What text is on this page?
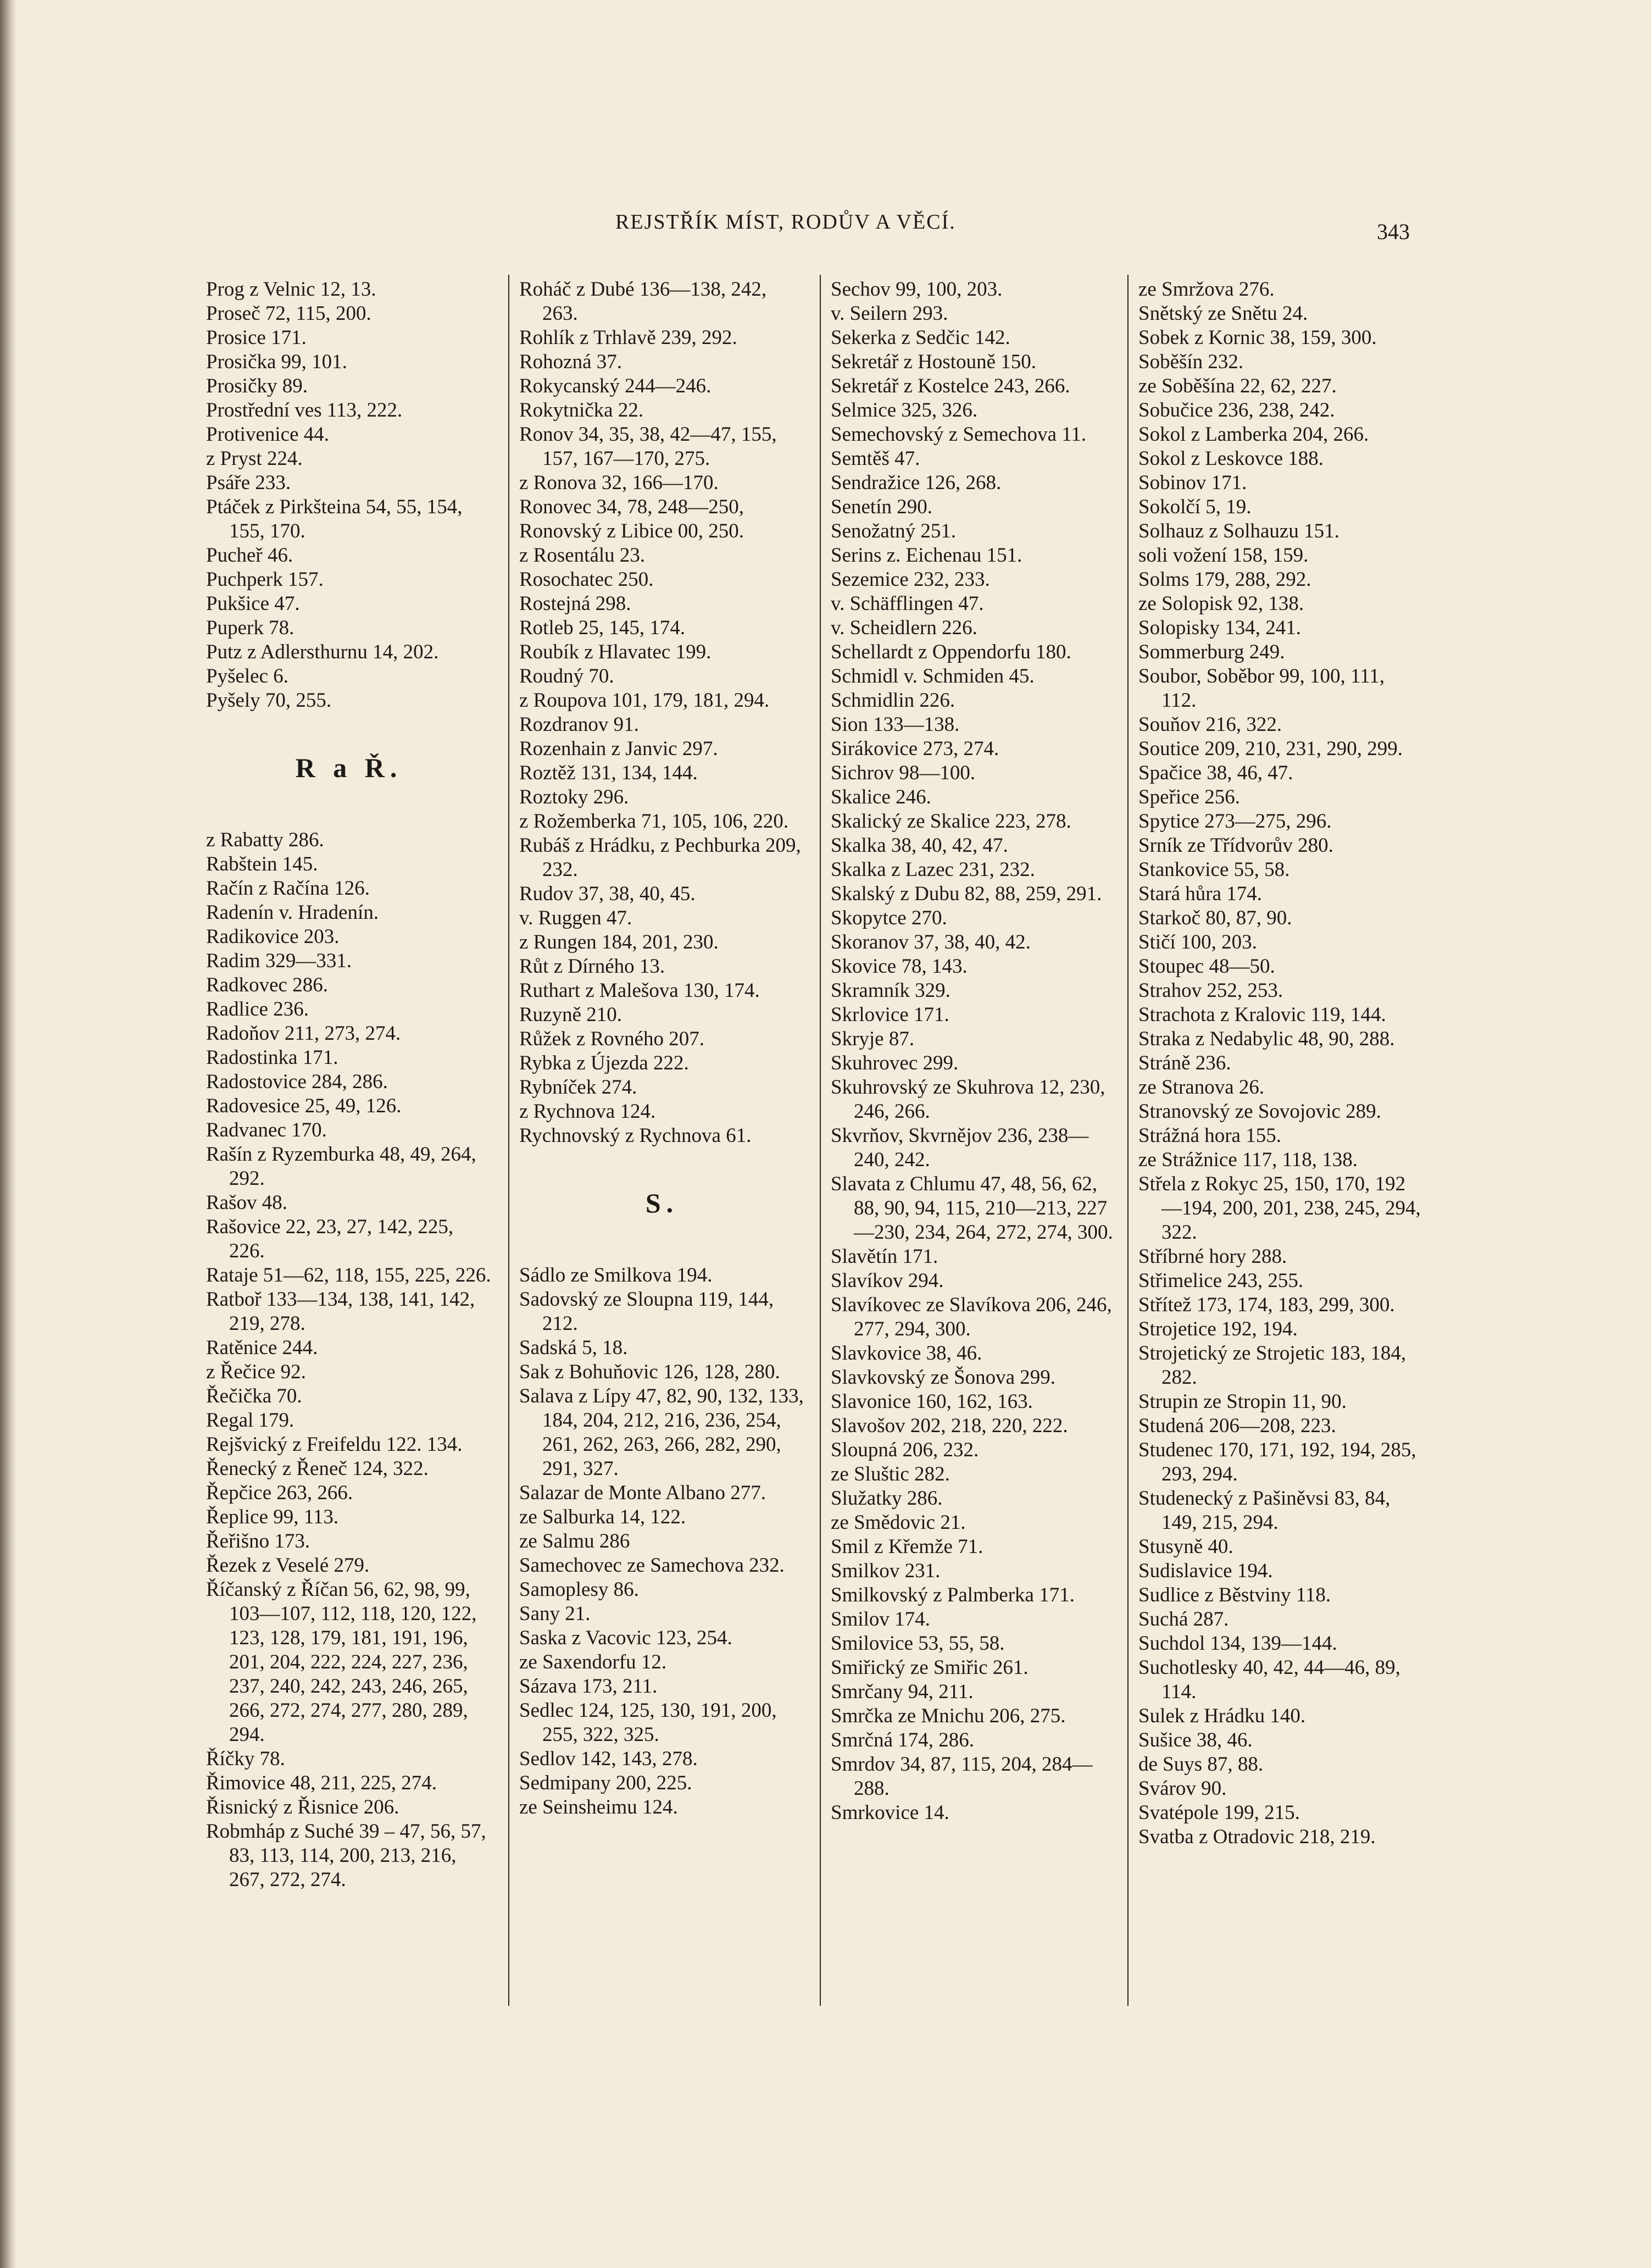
REJSTŘÍK MÍST, RODŮV A VĚCÍ.	343

Prog z Velnic 12, 13.

Proseč 72, 115, 200.

Prosice 171.

Prosička 99, 101.

Prosičky 89.

Prostřední ves 113, 222.

Protivenice 44.

z Pryst 224.

Psáře 233.

Ptáček z Pirkšteina 54, 55, 154, 155, 170.

Pucheř 46.

Puchperk 157.

Pukšice 47.

Puperk 78.

Putz z Adlersthurnu 14, 202.

Pyšelec 6.

Pyšely 70, 255.

R a Ř.

z Rabatty 286.

Rabštein 145.

Račín z Račína 126.

Radenín v. Hradenín.

Radikovice 203.

Radim 329—331.

Radkovec 286.

Radlice 236.

Radoňov 211, 273, 274.

Radostinka 171.

Radostovice 284, 286.

Radovesice 25, 49, 126.

Radvanec 170.

Rašín z Ryzemburka 48, 49, 264, 292.

Rašov 48.

Rašovice 22, 23, 27, 142, 225, 226.

Rataje 51—62, 118, 155, 225, 226.

Ratboř 133—134, 138, 141, 142, 219, 278.

Ratěnice 244.

z Řečice 92.

Řečička 70.

Regal 179.

Rejšvický z Freifeldu 122. 134.

Řenecký z Řeneč 124, 322.

Řepčice 263, 266.

Řeplice 99, 113.

Řeřišno 173.

Řezek z Veselé 279.

Říčanský z Říčan 56, 62, 98, 99, 103—107, 112, 118, 120, 122, 123, 128, 179, 181, 191, 196, 201, 204, 222, 224, 227, 236, 237, 240, 242, 243, 246, 265, 266, 272, 274, 277, 280, 289, 294.

Říčky 78.

Řimovice 48, 211, 225, 274.

Řisnický z Řisnice 206.

Robmháp z Suché 39 – 47, 56, 57, 83, 113, 114, 200, 213, 216, 267, 272, 274.

Roháč z Dubé 136—138, 242, 263.

Rohlík z Trhlavě 239, 292.

Rohozná 37.

Rokycanský 244—246.

Rokytnička 22.

Ronov 34, 35, 38, 42—47, 155, 157, 167—170, 275.

z Ronova 32, 166—170.

Ronovec 34, 78, 248—250,

Ronovský z Libice 00, 250.

z Rosentálu 23.

Rosochatec 250.

Rostejná 298.

Rotleb 25, 145, 174.

Roubík z Hlavatec 199.

Roudný 70.

z Roupova 101, 179, 181, 294.

Rozdranov 91.

Rozenhain z Janvic 297.

Roztěž 131, 134, 144.

Roztoky 296.

z Rožemberka 71, 105, 106, 220.

Rubáš z Hrádku, z Pechburka 209, 232.

Rudov 37, 38, 40, 45.

v. Ruggen 47.

z Rungen 184, 201, 230.

Růt z Dírného 13.

Ruthart z Malešova 130, 174.

Ruzyně 210.

Růžek z Rovného 207.

Rybka z Újezda 222.

Rybníček 274.

z Rychnova 124.

Rychnovský z Rychnova 61.

S.

Sádlo ze Smilkova 194.

Sadovský ze Sloupna 119, 144, 212.

Sadská 5, 18.

Sak z Bohuňovic 126, 128, 280.

Salava z Lípy 47, 82, 90, 132, 133, 184, 204, 212, 216, 236, 254, 261, 262, 263, 266, 282, 290, 291, 327.

Salazar de Monte Albano 277.

ze Salburka 14, 122.

ze Salmu 286

Samechovec ze Samechova 232.

Samoplesy 86.

Sany 21.

Saska z Vacovic 123, 254.

ze Saxendorfu 12.

Sázava 173, 211.

Sedlec 124, 125, 130, 191, 200, 255, 322, 325.

Sedlov 142, 143, 278.

Sedmipany 200, 225.

ze Seinsheimu 124.

Sechov 99, 100, 203.

v. Seilern 293.

Sekerka z Sedčic 142.

Sekretář z Hostouně 150.

Sekretář z Kostelce 243, 266.

Selmice 325, 326.

Semechovský z Semechova 11.

Semtěš 47.

Sendražice 126, 268.

Senetín 290.

Senožatný 251.

Serins z. Eichenau 151.

Sezemice 232, 233.

v. Schäfflingen 47.

v. Scheidlern 226.

Schellardt z Oppendorfu 180.

Schmidl v. Schmiden 45.

Schmidlin 226.

Sion 133—138.

Sirákovice 273, 274.

Sichrov 98—100.

Skalice 246.

Skalický ze Skalice 223, 278.

Skalka 38, 40, 42, 47.

Skalka z Lazec 231, 232.

Skalský z Dubu 82, 88, 259, 291.

Skopytce 270.

Skoranov 37, 38, 40, 42.

Skovice 78, 143.

Skramník 329.

Skrlovice 171.

Skryje 87.

Skuhrovec 299.

Skuhrovský ze Skuhrova 12, 230, 246, 266.

Skvrňov, Skvrnějov 236, 238—240, 242.

Slavata z Chlumu 47, 48, 56, 62, 88, 90, 94, 115, 210—213, 227—230, 234, 264, 272, 274, 300.

Slavětín 171.

Slavíkov 294.

Slavíkovec ze Slavíkova 206, 246, 277, 294, 300.

Slavkovice 38, 46.

Slavkovský ze Šonova 299.

Slavonice 160, 162, 163.

Slavošov 202, 218, 220, 222.

Sloupná 206, 232.

ze Sluštic 282.

Služatky 286.

ze Smědovic 21.

Smil z Křemže 71.

Smilkov 231.

Smilkovský z Palmberka 171.

Smilov 174.

Smilovice 53, 55, 58.

Smiřický ze Smiřic 261.

Smrčany 94, 211.

Smrčka ze Mnichu 206, 275.

Smrčná 174, 286.

Smrdov 34, 87, 115, 204, 284—288.

Smrkovice 14.

ze Smržova 276.

Snětský ze Snětu 24.

Sobek z Kornic 38, 159, 300.

Soběšín 232.

ze Soběšína 22, 62, 227.

Sobučice 236, 238, 242.

Sokol z Lamberka 204, 266.

Sokol z Leskovce 188.

Sobinov 171.

Sokolčí 5, 19.

Solhauz z Solhauzu 151.

soli vožení 158, 159.

Solms 179, 288, 292.

ze Solopisk 92, 138.

Solopisky 134, 241.

Sommerburg 249.

Soubor, Soběbor 99, 100, 111, 112.

Souňov 216, 322.

Soutice 209, 210, 231, 290, 299.

Spačice 38, 46, 47.

Speřice 256.

Spytice 273—275, 296.

Srník ze Třídvorův 280.

Stankovice 55, 58.

Stará hůra 174.

Starkoč 80, 87, 90.

Stičí 100, 203.

Stoupec 48—50.

Strahov 252, 253.

Strachota z Kralovic 119, 144.

Straka z Nedabylic 48, 90, 288.

Stráně 236.

ze Stranova 26.

Stranovský ze Sovojovic 289.

Strážná hora 155.

ze Strážnice 117, 118, 138.

Střela z Rokyc 25, 150, 170, 192—194, 200, 201, 238, 245, 294, 322.

Stříbrné hory 288.

Střimelice 243, 255.

Střítež 173, 174, 183, 299, 300.

Strojetice 192, 194.

Strojetický ze Strojetic 183, 184, 282.

Strupin ze Stropin 11, 90.

Studená 206—208, 223.

Studenec 170, 171, 192, 194, 285, 293, 294.

Studenecký z Pašiněvsi 83, 84, 149, 215, 294.

Stusyně 40.

Sudislavice 194.

Sudlice z Běstviny 118.

Suchá 287.

Suchdol 134, 139—144.

Suchotlesky 40, 42, 44—46, 89, 114.

Sulek z Hrádku 140.

Sušice 38, 46.

de Suys 87, 88.

Svárov 90.

Svatépole 199, 215.

Svatba z Otradovic 218, 219.
